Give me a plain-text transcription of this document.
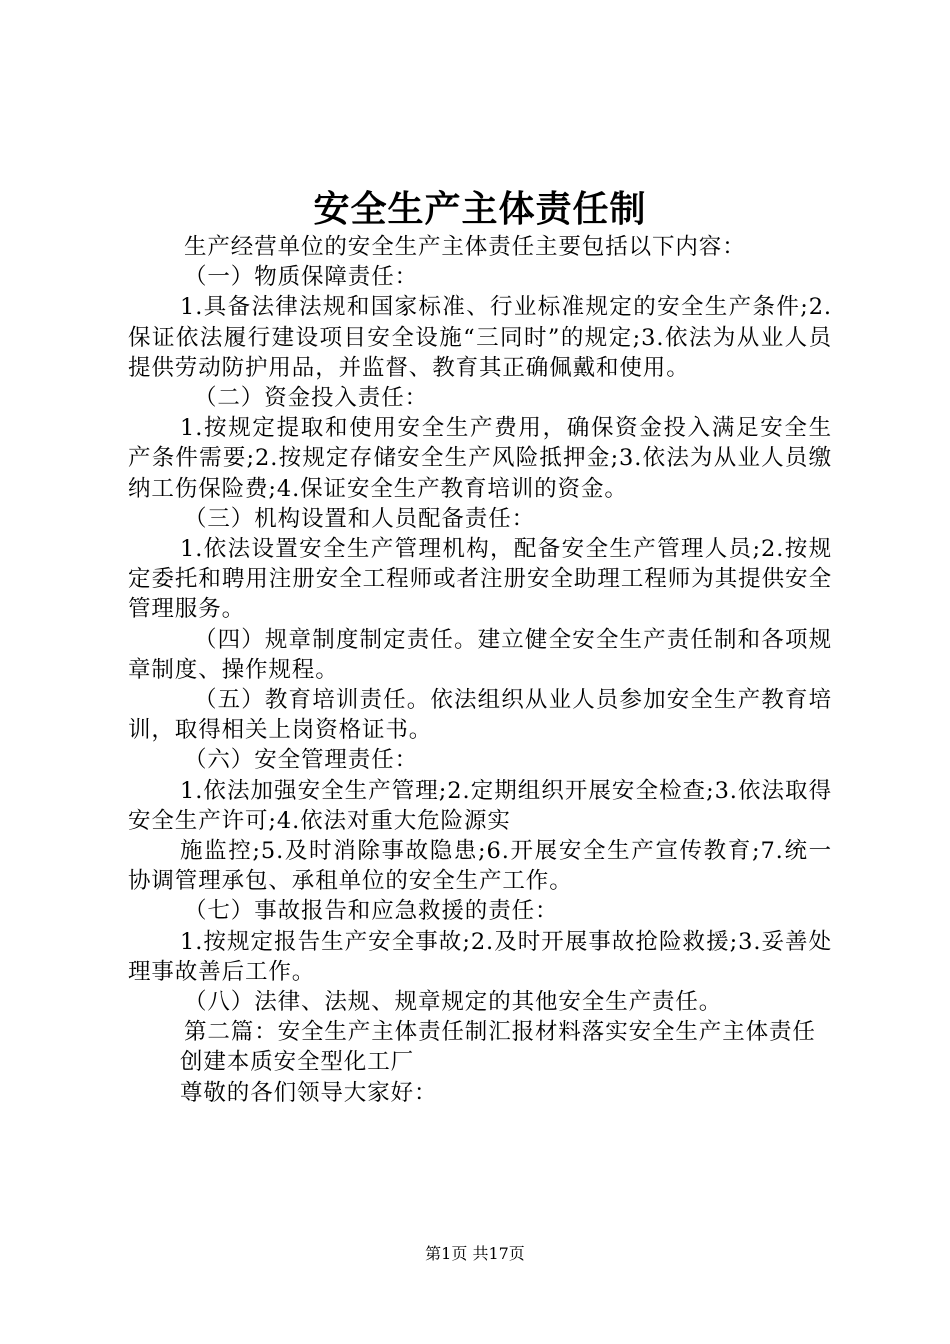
安全生产主体责任制

生产经营单位的安全生产主体责任主要包括以下内容：

（一）物质保障责任：

1.具备法律法规和国家标准、行业标准规定的安全生产条件;2.保证依法履行建设项目安全设施“三同时”的规定;3.依法为从业人员提供劳动防护用品，并监督、教育其正确佩戴和使用。

（二）资金投入责任：

1.按规定提取和使用安全生产费用，确保资金投入满足安全生产条件需要;2.按规定存储安全生产风险抵押金;3.依法为从业人员缴纳工伤保险费;4.保证安全生产教育培训的资金。

（三）机构设置和人员配备责任：

1.依法设置安全生产管理机构，配备安全生产管理人员;2.按规定委托和聘用注册安全工程师或者注册安全助理工程师为其提供安全管理服务。

（四）规章制度制定责任。建立健全安全生产责任制和各项规章制度、操作规程。

（五）教育培训责任。依法组织从业人员参加安全生产教育培训，取得相关上岗资格证书。

（六）安全管理责任：

1.依法加强安全生产管理;2.定期组织开展安全检查;3.依法取得安全生产许可;4.依法对重大危险源实

施监控;5.及时消除事故隐患;6.开展安全生产宣传教育;7.统一协调管理承包、承租单位的安全生产工作。

（七）事故报告和应急救援的责任：

1.按规定报告生产安全事故;2.及时开展事故抢险救援;3.妥善处理事故善后工作。

（八）法律、法规、规章规定的其他安全生产责任。

第二篇：安全生产主体责任制汇报材料落实安全生产主体责任

创建本质安全型化工厂

尊敬的各们领导大家好：

第1页 共17页
